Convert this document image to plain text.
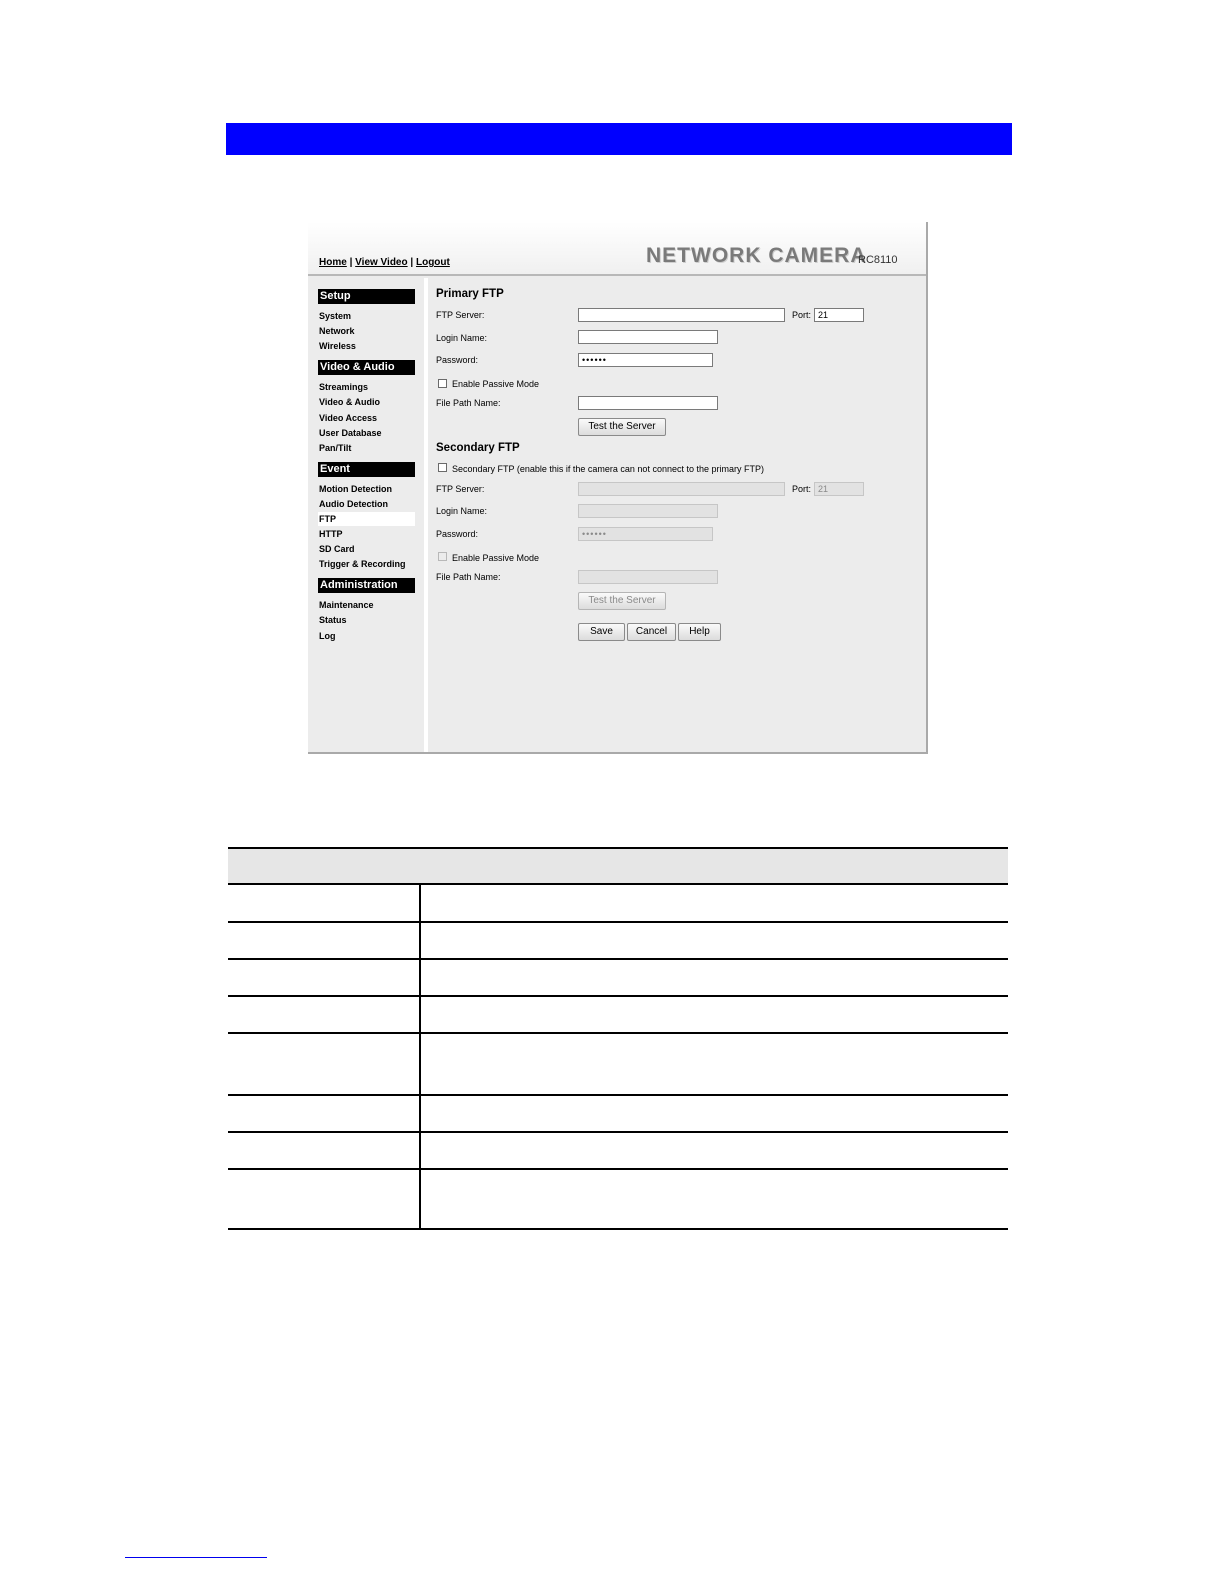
Home | View Video | Logout	NETWORK CAMERA
RC8110
Setup
System
Network
Wireless
Video & Audio
Streamings
Video & Audio
Video Access
User Database
Pan/Tilt
Event
Motion Detection
Audio Detection
FTP
HTTP
SD Card
Trigger & Recording
Administration
Maintenance
Status
Log
Primary FTP
FTP Server:	Port: 21
Login Name:
Password:	••••••
Enable Passive Mode
File Path Name:
Test the Server
Secondary FTP
Secondary FTP (enable this if the camera can not connect to the primary FTP)
FTP Server:	Port: 21
Login Name:
Password:	••••••
Enable Passive Mode
File Path Name:
Test the Server
Save	Cancel	Help
